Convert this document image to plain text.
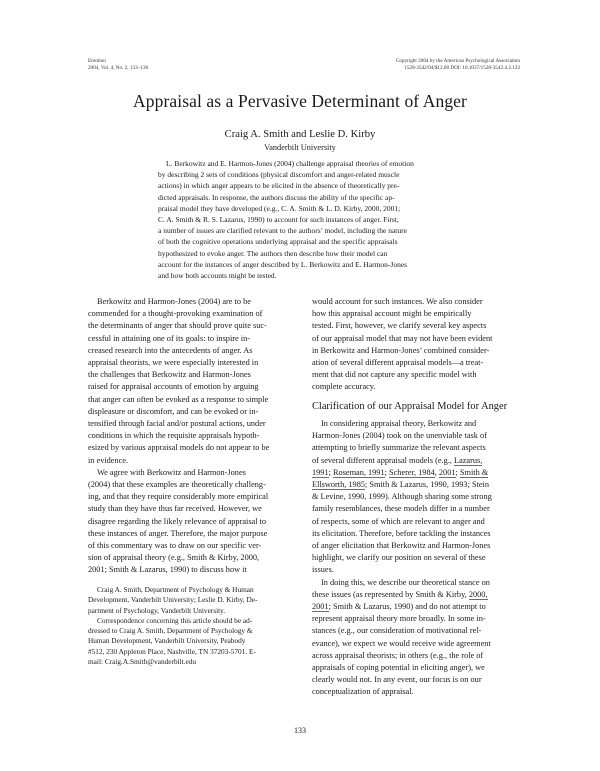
Emotion
2004, Vol. 4, No. 2, 133–138
Copyright 2004 by the American Psychological Association
1528-3542/04/$12.00 DOI: 10.1037/1528-3542.4.2.133
Appraisal as a Pervasive Determinant of Anger
Craig A. Smith and Leslie D. Kirby
Vanderbilt University
L. Berkowitz and E. Harmon-Jones (2004) challenge appraisal theories of emotion
by describing 2 sets of conditions (physical discomfort and anger-related muscle
actions) in which anger appears to be elicited in the absence of theoretically pre-
dicted appraisals. In response, the authors discuss the ability of the specific ap-
praisal model they have developed (e.g., C. A. Smith & L. D. Kirby, 2000, 2001;
C. A. Smith & R. S. Lazarus, 1990) to account for such instances of anger. First,
a number of issues are clarified relevant to the authors’ model, including the nature
of both the cognitive operations underlying appraisal and the specific appraisals
hypothesized to evoke anger. The authors then describe how their model can
account for the instances of anger described by L. Berkowitz and E. Harmon-Jones
and how both accounts might be tested.
Berkowitz and Harmon-Jones (2004) are to be
commended for a thought-provoking examination of
the determinants of anger that should prove quite suc-
cessful in attaining one of its goals: to inspire in-
creased research into the antecedents of anger. As
appraisal theorists, we were especially interested in
the challenges that Berkowitz and Harmon-Jones
raised for appraisal accounts of emotion by arguing
that anger can often be evoked as a response to simple
displeasure or discomfort, and can be evoked or in-
tensified through facial and/or postural actions, under
conditions in which the requisite appraisals hypoth-
esized by various appraisal models do not appear to be
in evidence.
We agree with Berkowitz and Harmon-Jones
(2004) that these examples are theoretically challeng-
ing, and that they require considerably more empirical
study than they have thus far received. However, we
disagree regarding the likely relevance of appraisal to
these instances of anger. Therefore, the major purpose
of this commentary was to draw on our specific ver-
sion of appraisal theory (e.g., Smith & Kirby, 2000,
2001; Smith & Lazarus, 1990) to discuss how it
would account for such instances. We also consider
how this appraisal account might be empirically
tested. First, however, we clarify several key aspects
of our appraisal model that may not have been evident
in Berkowitz and Harmon-Jones’ combined consider-
ation of several different appraisal models—a treat-
ment that did not capture any specific model with
complete accuracy.
Clarification of our Appraisal Model for Anger
In considering appraisal theory, Berkowitz and
Harmon-Jones (2004) took on the unenviable task of
attempting to briefly summarize the relevant aspects
of several different appraisal models (e.g., Lazarus,
1991; Roseman, 1991; Scherer, 1984, 2001; Smith &
Ellsworth, 1985; Smith & Lazarus, 1990, 1993; Stein
& Levine, 1990, 1999). Although sharing some strong
family resemblances, these models differ in a number
of respects, some of which are relevant to anger and
its elicitation. Therefore, before tackling the instances
of anger elicitation that Berkowitz and Harmon-Jones
highlight, we clarify our position on several of these
issues.
In doing this, we describe our theoretical stance on
these issues (as represented by Smith & Kirby, 2000,
2001; Smith & Lazarus, 1990) and do not attempt to
represent appraisal theory more broadly. In some in-
stances (e.g., our consideration of motivational rel-
evance), we expect we would receive wide agreement
across appraisal theorists; in others (e.g., the role of
appraisals of coping potential in eliciting anger), we
clearly would not. In any event, our focus is on our
conceptualization of appraisal.
Craig A. Smith, Department of Psychology & Human
Development, Vanderbilt University; Leslie D. Kirby, De-
partment of Psychology, Vanderbilt University.
Correspondence concerning this article should be ad-
dressed to Craig A. Smith, Department of Psychology &
Human Development, Vanderbilt University, Peabody
#512, 230 Appleton Place, Nashville, TN 37203-5701. E-
mail: Craig.A.Smith@vanderbilt.edu
133
